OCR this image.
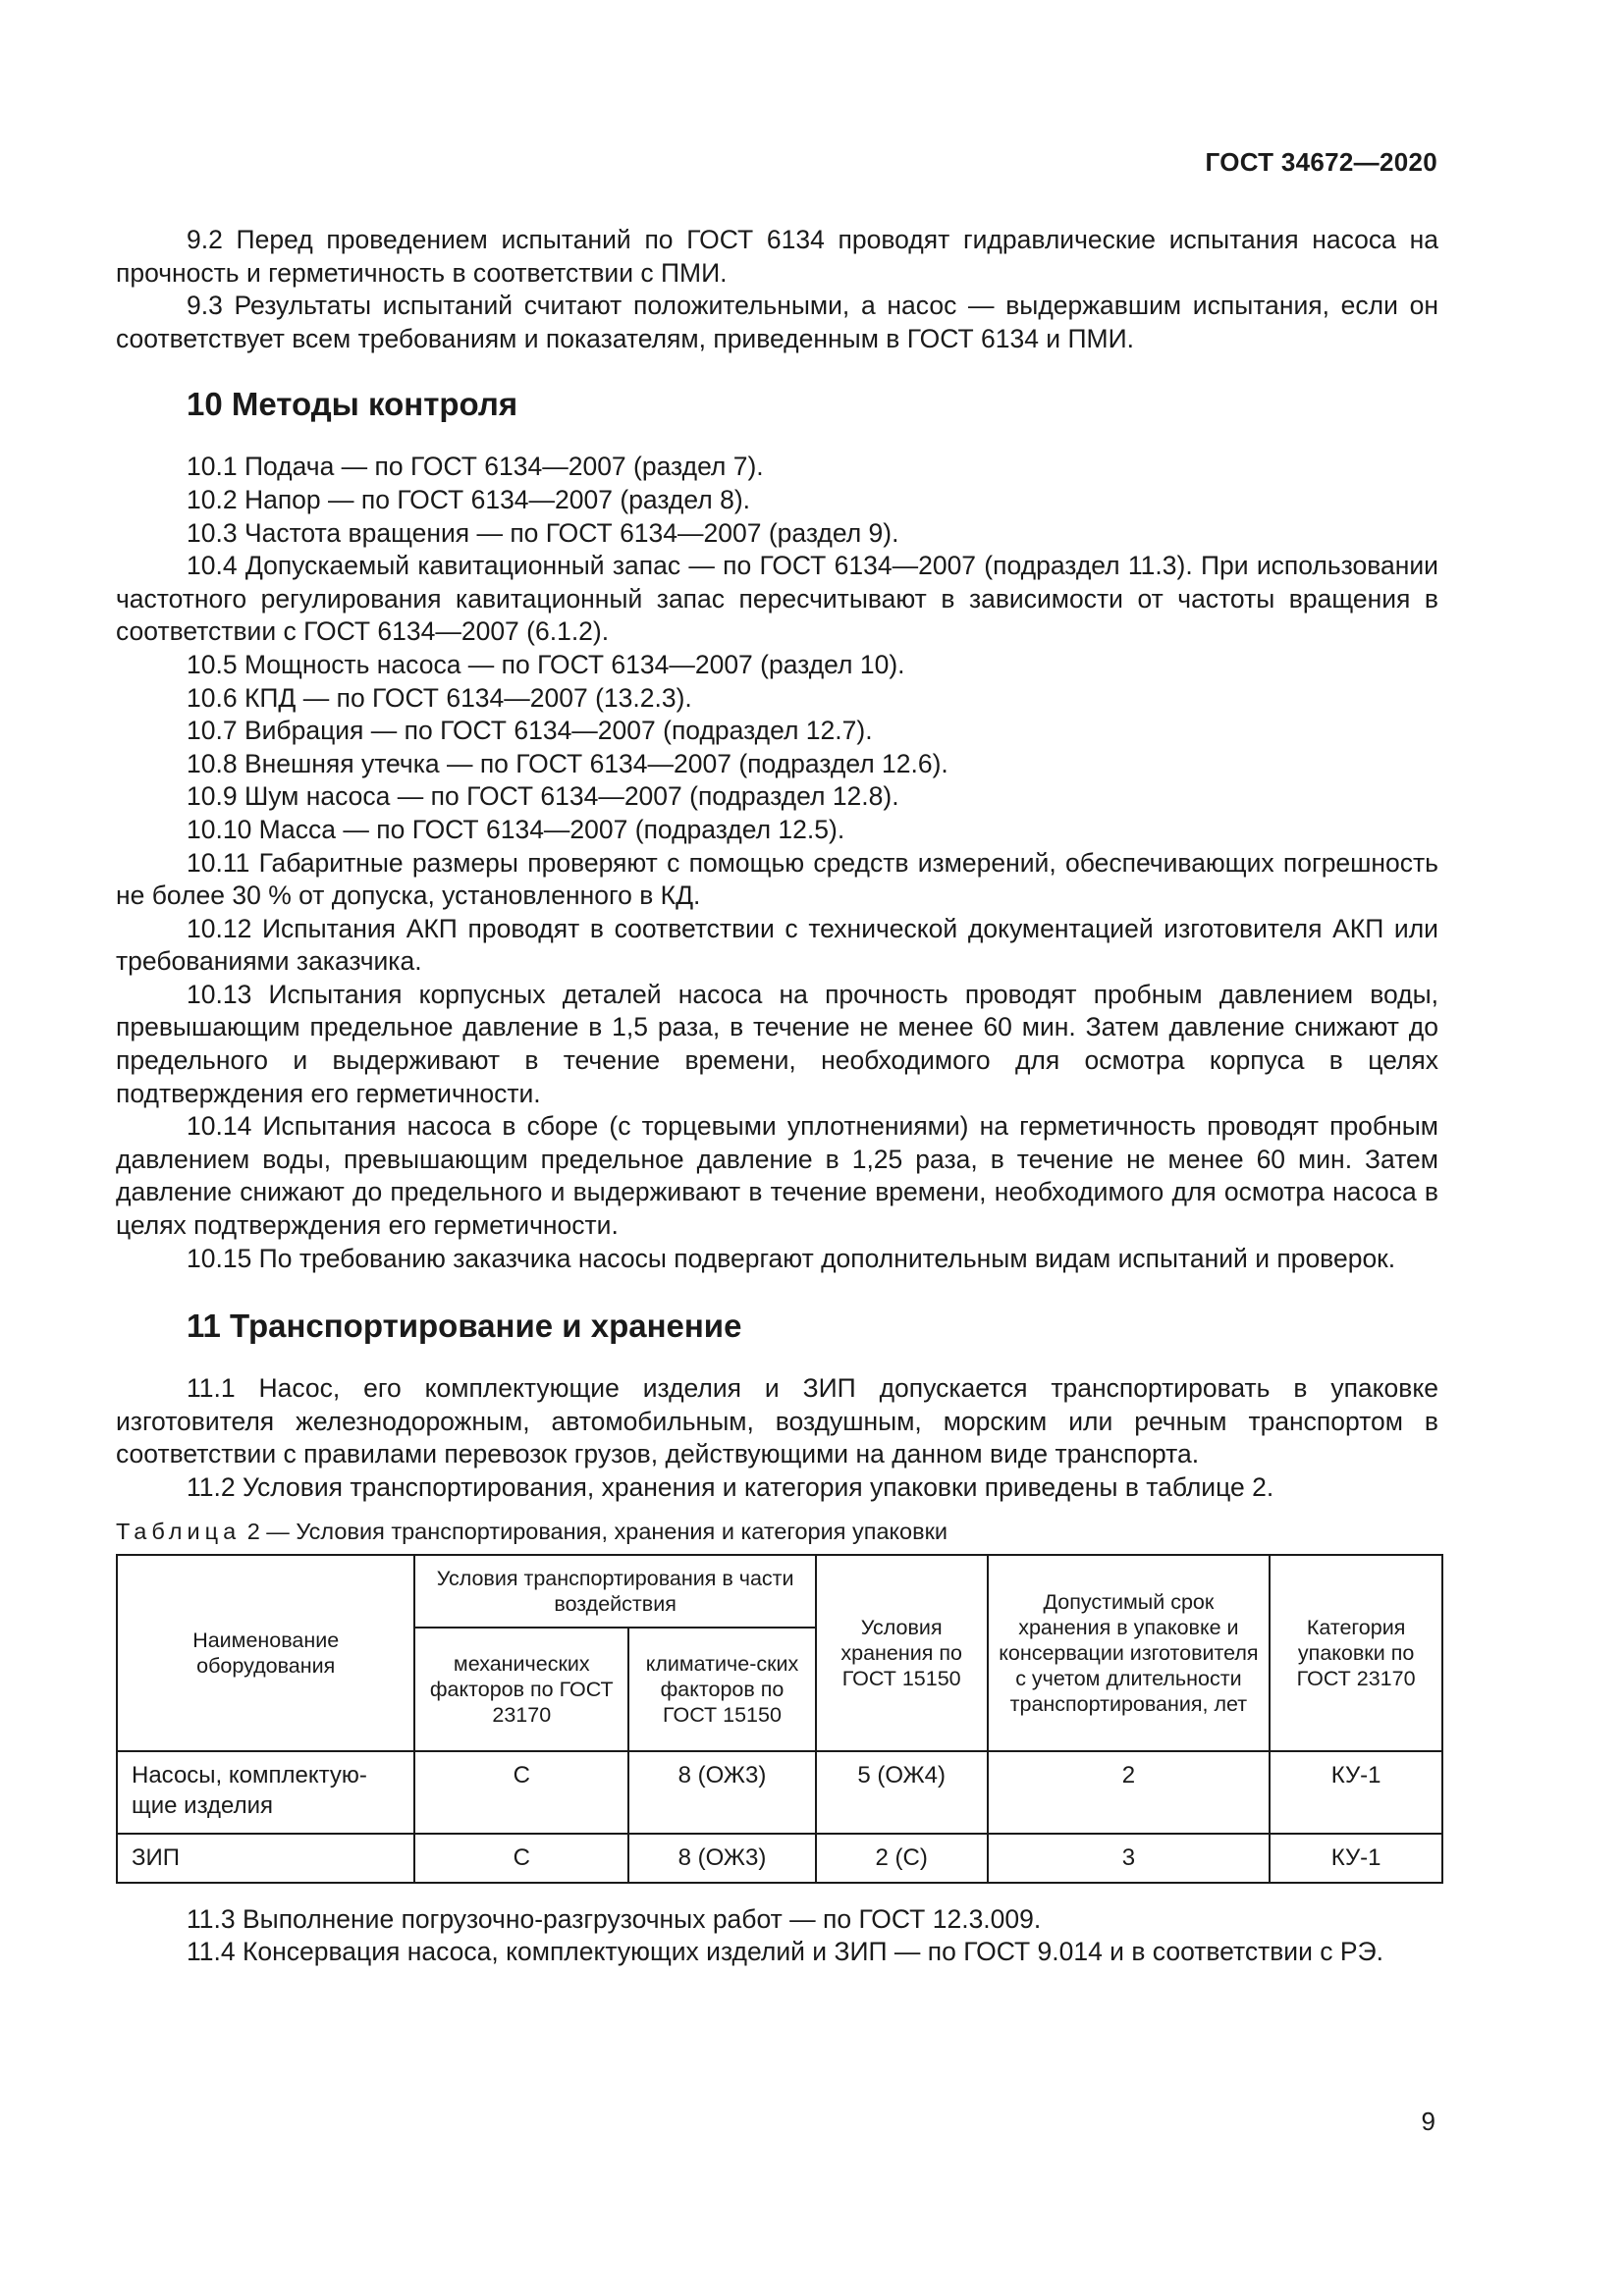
ГОСТ 34672—2020

9.2 Перед проведением испытаний по ГОСТ 6134 проводят гидравлические испытания насоса на прочность и герметичность в соответствии с ПМИ.

9.3 Результаты испытаний считают положительными, а насос — выдержавшим испытания, если он соответствует всем требованиям и показателям, приведенным в ГОСТ 6134 и ПМИ.

10 Методы контроля

10.1 Подача — по ГОСТ 6134—2007 (раздел 7).

10.2 Напор — по ГОСТ 6134—2007 (раздел 8).

10.3 Частота вращения — по ГОСТ 6134—2007 (раздел 9).

10.4 Допускаемый кавитационный запас — по ГОСТ 6134—2007 (подраздел 11.3). При использовании частотного регулирования кавитационный запас пересчитывают в зависимости от частоты вращения в соответствии с ГОСТ 6134—2007 (6.1.2).

10.5 Мощность насоса — по ГОСТ 6134—2007 (раздел 10).

10.6 КПД — по ГОСТ 6134—2007 (13.2.3).

10.7 Вибрация — по ГОСТ 6134—2007 (подраздел 12.7).

10.8 Внешняя утечка — по ГОСТ 6134—2007 (подраздел 12.6).

10.9 Шум насоса — по ГОСТ 6134—2007 (подраздел 12.8).

10.10 Масса — по ГОСТ 6134—2007 (подраздел 12.5).

10.11 Габаритные размеры проверяют с помощью средств измерений, обеспечивающих погрешность не более 30 % от допуска, установленного в КД.

10.12 Испытания АКП проводят в соответствии с технической документацией изготовителя АКП или требованиями заказчика.

10.13 Испытания корпусных деталей насоса на прочность проводят пробным давлением воды, превышающим предельное давление в 1,5 раза, в течение не менее 60 мин. Затем давление снижают до предельного и выдерживают в течение времени, необходимого для осмотра корпуса в целях подтверждения его герметичности.

10.14 Испытания насоса в сборе (с торцевыми уплотнениями) на герметичность проводят пробным давлением воды, превышающим предельное давление в 1,25 раза, в течение не менее 60 мин. Затем давление снижают до предельного и выдерживают в течение времени, необходимого для осмотра насоса в целях подтверждения его герметичности.

10.15 По требованию заказчика насосы подвергают дополнительным видам испытаний и проверок.

11 Транспортирование и хранение

11.1 Насос, его комплектующие изделия и ЗИП допускается транспортировать в упаковке изготовителя железнодорожным, автомобильным, воздушным, морским или речным транспортом в соответствии с правилами перевозок грузов, действующими на данном виде транспорта.

11.2 Условия транспортирования, хранения и категория упаковки приведены в таблице 2.

Таблица 2 — Условия транспортирования, хранения и категория упаковки
Наименование оборудования	Условия транспортирования в части воздействия		Условия хранения по ГОСТ 15150	Допустимый срок хранения в упаковке и консервации изготовителя с учетом длительности транспортирования, лет	Категория упаковки по ГОСТ 23170
	механических факторов по ГОСТ 23170	климатиче-ских факторов по ГОСТ 15150			
Насосы, комплектую-щие изделия	С	8 (ОЖ3)	5 (ОЖ4)	2	КУ-1
ЗИП	С	8 (ОЖ3)	2 (С)	3	КУ-1

11.3 Выполнение погрузочно-разгрузочных работ — по ГОСТ 12.3.009.

11.4 Консервация насоса, комплектующих изделий и ЗИП — по ГОСТ 9.014 и в соответствии с РЭ.

9
